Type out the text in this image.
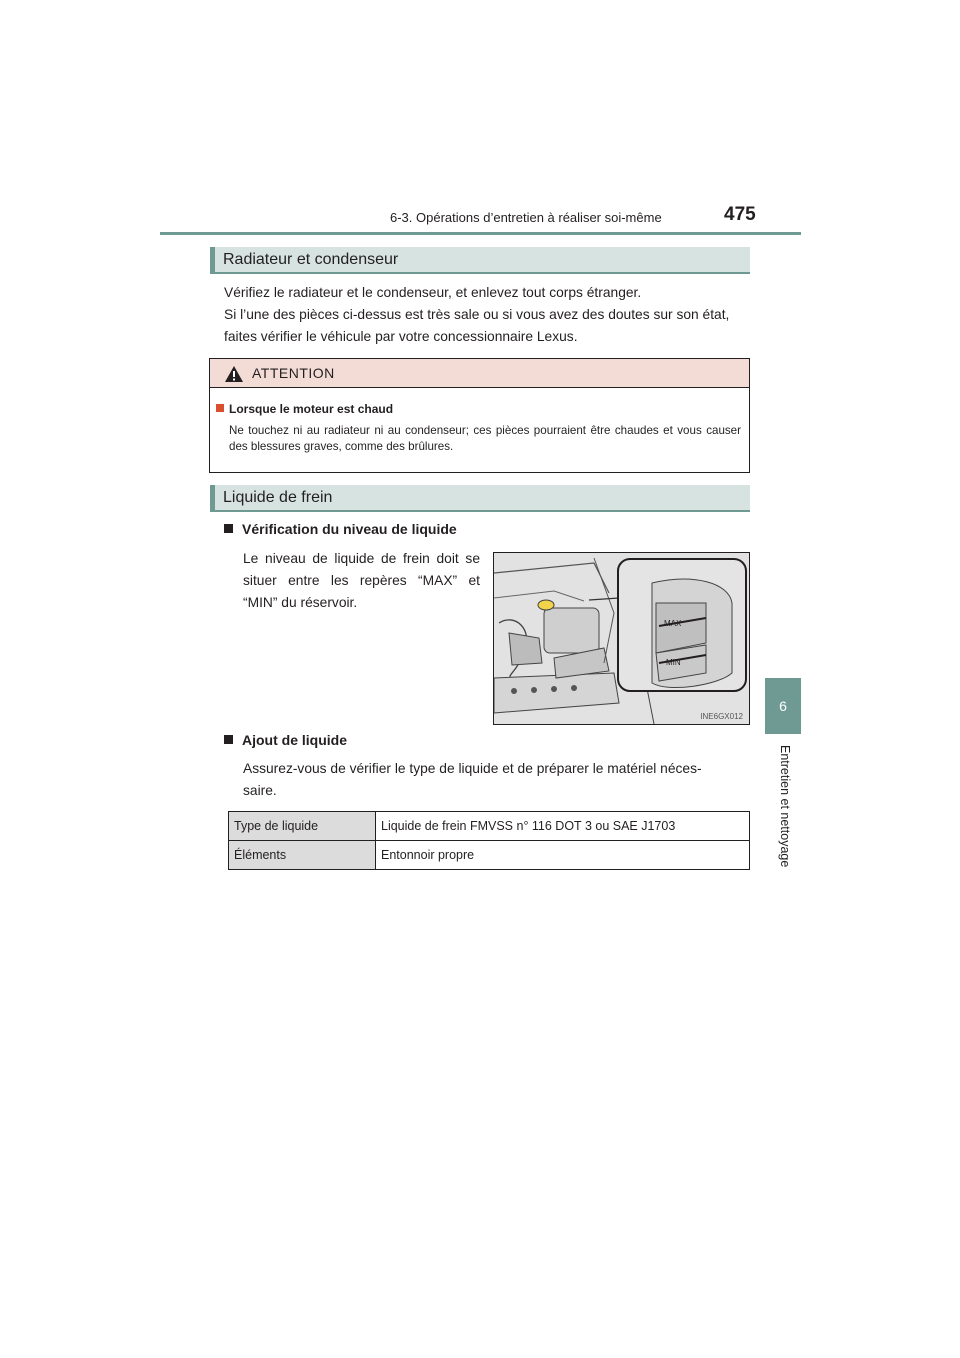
6-3. Opérations d’entretien à réaliser soi-même	475
6
Entretien et nettoyage
Radiateur et condenseur
Vérifiez le radiateur et le condenseur, et enlevez tout corps étranger.
Si l’une des pièces ci-dessus est très sale ou si vous avez des doutes sur son état,
faites vérifier le véhicule par votre concessionnaire Lexus.
ATTENTION
Lorsque le moteur est chaud
Ne touchez ni au radiateur ni au condenseur; ces pièces pourraient être chaudes et vous causer des blessures graves, comme des brûlures.
Liquide de frein
Vérification du niveau de liquide
Le niveau de liquide de frein doit se situer entre les repères “MAX” et “MIN” du réservoir.
MAX
MIN
INE6GX012
Ajout de liquide
Assurez-vous de vérifier le type de liquide et de préparer le matériel néces-
saire.
Type de liquide	Liquide de frein FMVSS n° 116 DOT 3 ou SAE J1703
Éléments	Entonnoir propre
